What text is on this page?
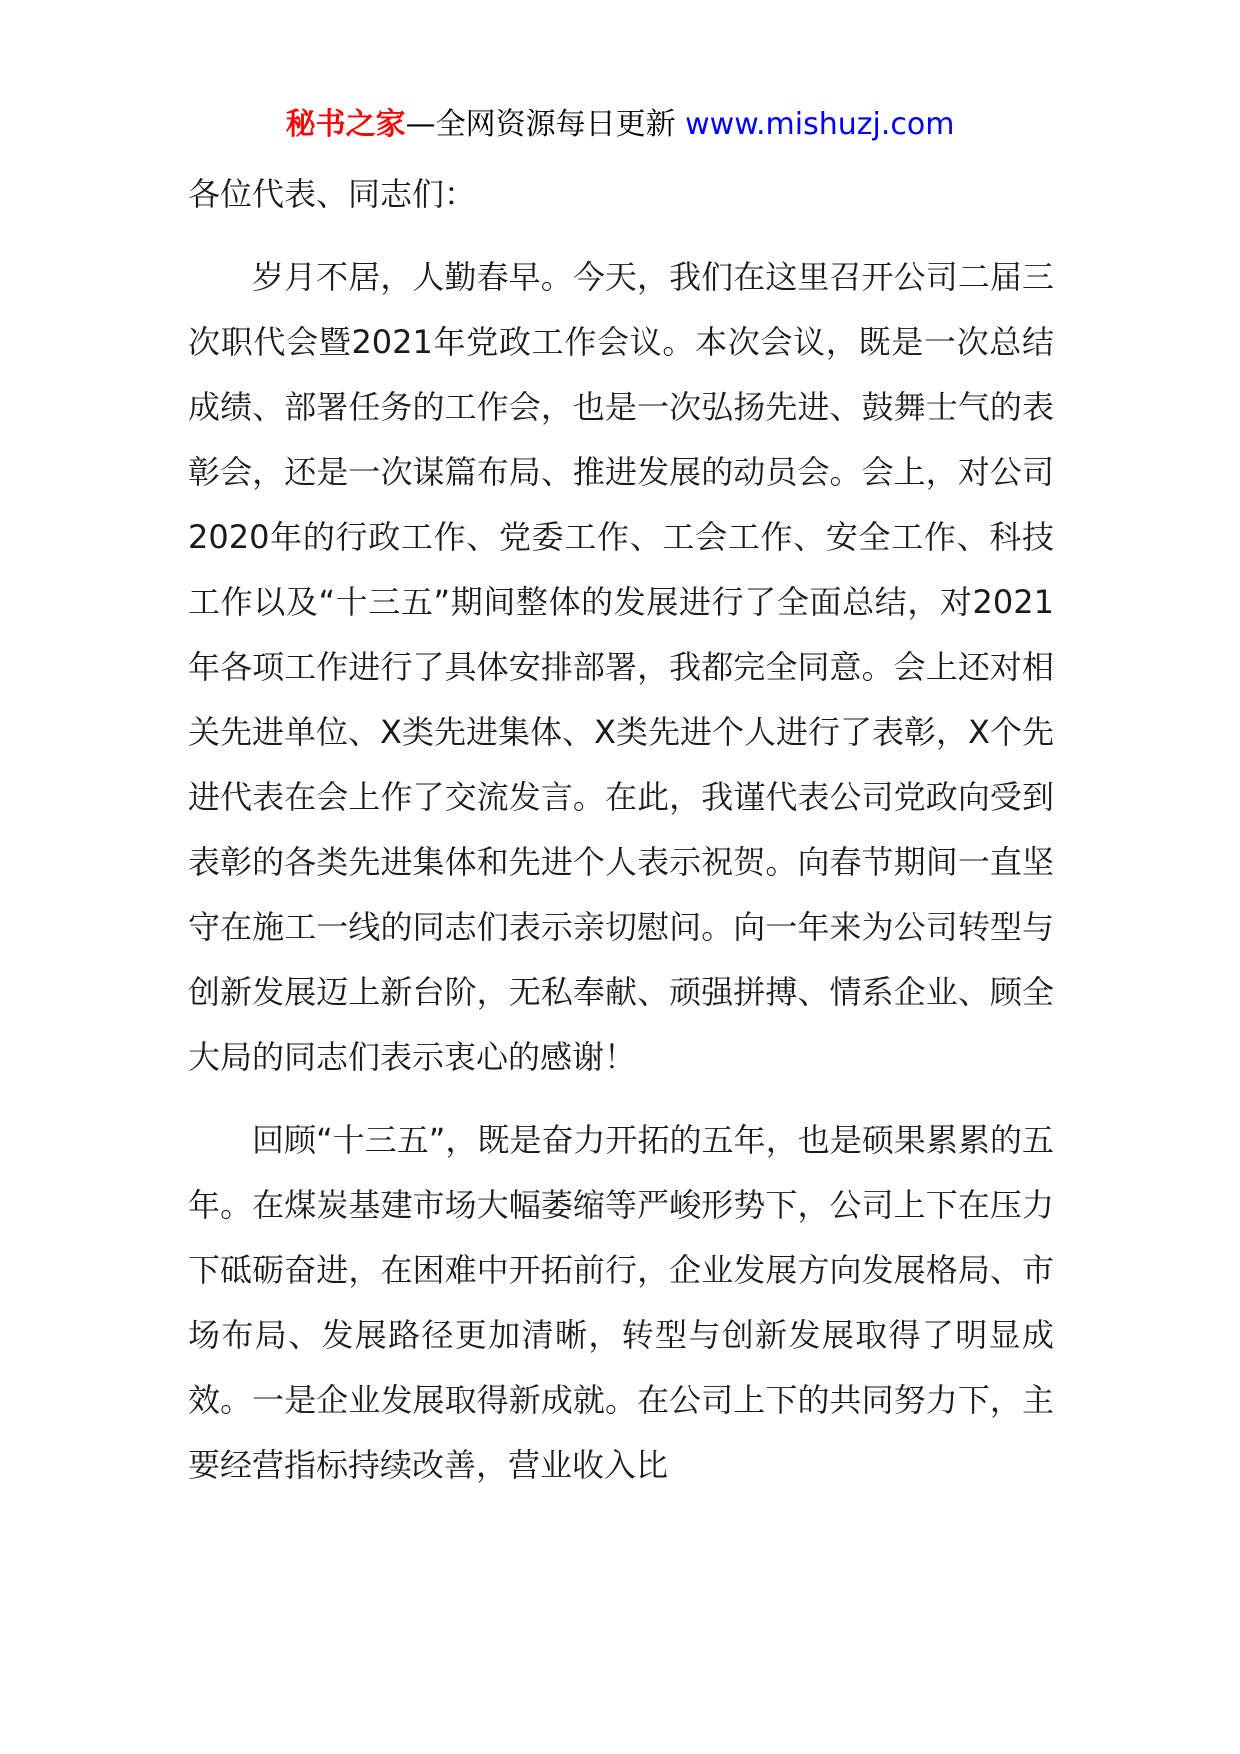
秘书之家—全网资源每日更新 www.mishuzj.com

各位代表、同志们：

岁月不居，人勤春早。今天，我们在这里召开公司二届三次职代会暨2021年党政工作会议。本次会议，既是一次总结成绩、部署任务的工作会，也是一次弘扬先进、鼓舞士气的表彰会，还是一次谋篇布局、推进发展的动员会。会上，对公司2020年的行政工作、党委工作、工会工作、安全工作、科技工作以及“十三五”期间整体的发展进行了全面总结，对2021年各项工作进行了具体安排部署，我都完全同意。会上还对相关先进单位、X类先进集体、X类先进个人进行了表彰，X个先进代表在会上作了交流发言。在此，我谨代表公司党政向受到表彰的各类先进集体和先进个人表示祝贺。向春节期间一直坚守在施工一线的同志们表示亲切慰问。向一年来为公司转型与创新发展迈上新台阶，无私奉献、顽强拼搏、情系企业、顾全大局的同志们表示衷心的感谢！

回顾“十三五”，既是奋力开拓的五年，也是硕果累累的五年。在煤炭基建市场大幅萎缩等严峻形势下，公司上下在压力下砥砺奋进，在困难中开拓前行，企业发展方向发展格局、市场布局、发展路径更加清晰，转型与创新发展取得了明显成效。一是企业发展取得新成就。在公司上下的共同努力下，主要经营指标持续改善，营业收入比
